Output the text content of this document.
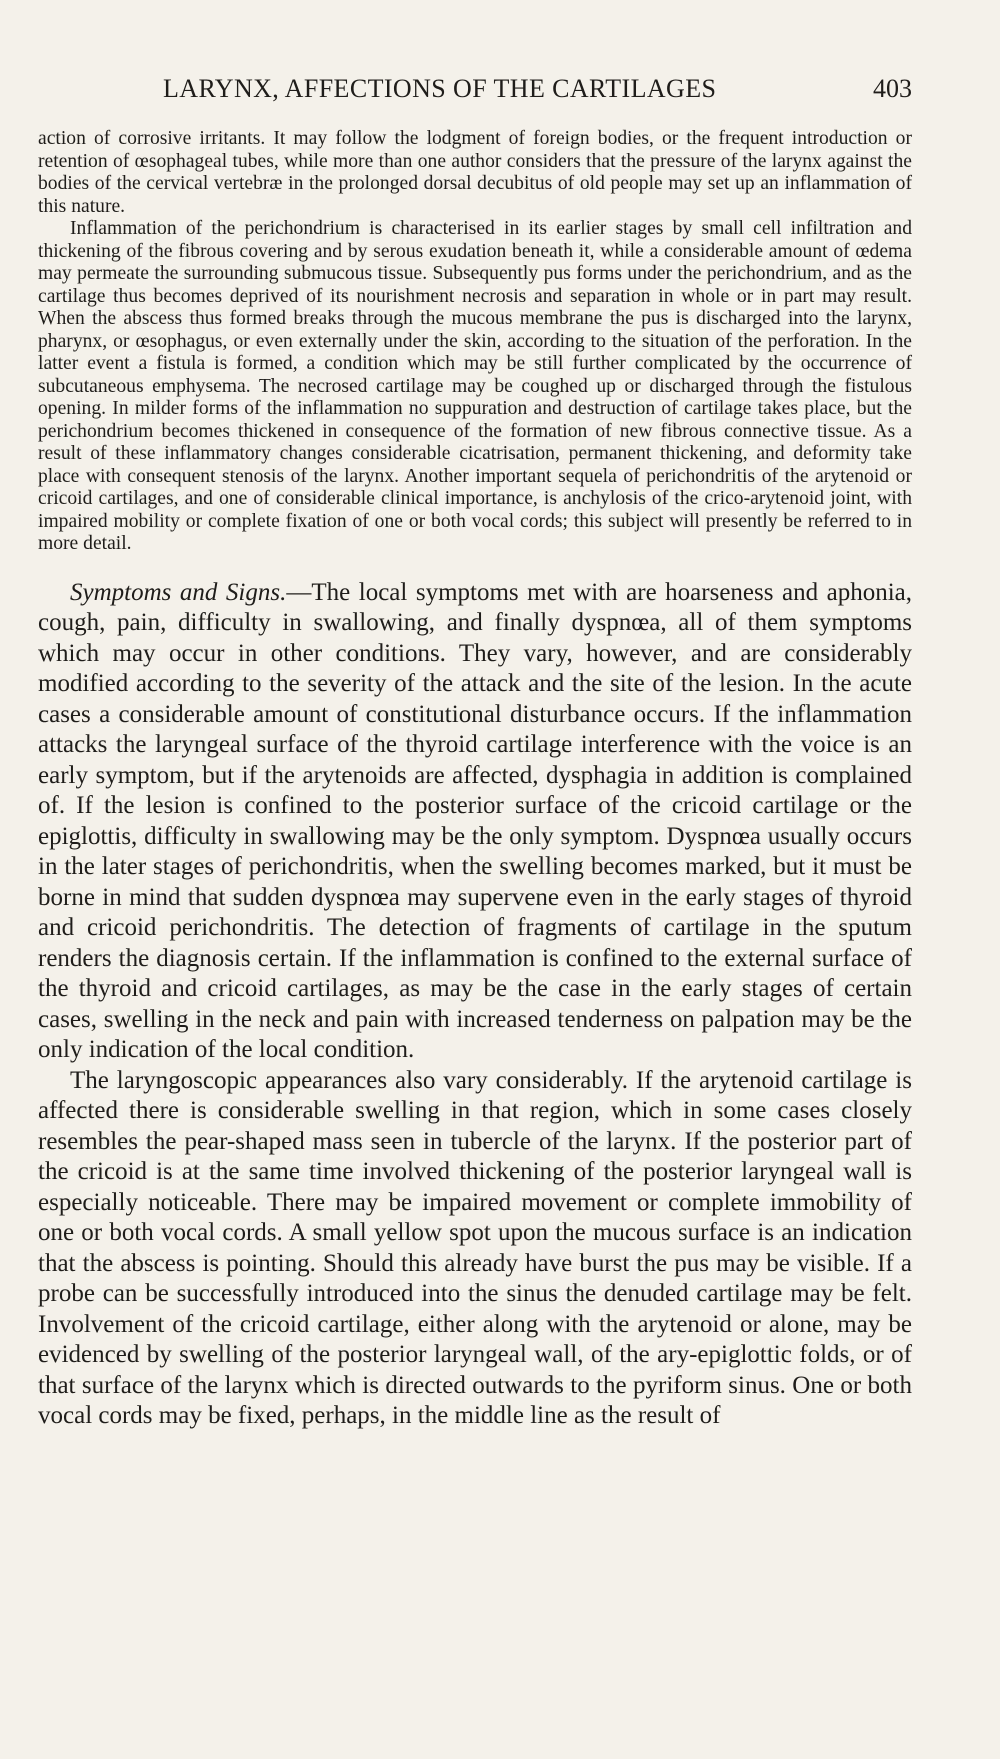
LARYNX, AFFECTIONS OF THE CARTILAGES	403

action of corrosive irritants. It may follow the lodgment of foreign bodies, or the frequent introduction or retention of œsophageal tubes, while more than one author considers that the pressure of the larynx against the bodies of the cervical vertebræ in the prolonged dorsal decubitus of old people may set up an inflammation of this nature.

Inflammation of the perichondrium is characterised in its earlier stages by small cell infiltration and thickening of the fibrous covering and by serous exudation beneath it, while a considerable amount of œdema may permeate the surrounding submucous tissue. Subsequently pus forms under the perichondrium, and as the cartilage thus becomes deprived of its nourishment necrosis and separation in whole or in part may result. When the abscess thus formed breaks through the mucous membrane the pus is discharged into the larynx, pharynx, or œsophagus, or even externally under the skin, according to the situation of the perforation. In the latter event a fistula is formed, a condition which may be still further complicated by the occurrence of subcutaneous emphysema. The necrosed cartilage may be coughed up or discharged through the fistulous opening. In milder forms of the inflammation no suppuration and destruction of cartilage takes place, but the perichondrium becomes thickened in consequence of the formation of new fibrous connective tissue. As a result of these inflammatory changes considerable cicatrisation, permanent thickening, and deformity take place with consequent stenosis of the larynx. Another important sequela of perichondritis of the arytenoid or cricoid cartilages, and one of considerable clinical importance, is anchylosis of the crico-arytenoid joint, with impaired mobility or complete fixation of one or both vocal cords; this subject will presently be referred to in more detail.

Symptoms and Signs.—The local symptoms met with are hoarseness and aphonia, cough, pain, difficulty in swallowing, and finally dyspnœa, all of them symptoms which may occur in other conditions. They vary, however, and are considerably modified according to the severity of the attack and the site of the lesion. In the acute cases a considerable amount of constitutional disturbance occurs. If the inflammation attacks the laryngeal surface of the thyroid cartilage interference with the voice is an early symptom, but if the arytenoids are affected, dysphagia in addition is complained of. If the lesion is confined to the posterior surface of the cricoid cartilage or the epiglottis, difficulty in swallowing may be the only symptom. Dyspnœa usually occurs in the later stages of perichondritis, when the swelling becomes marked, but it must be borne in mind that sudden dyspnœa may supervene even in the early stages of thyroid and cricoid perichondritis. The detection of fragments of cartilage in the sputum renders the diagnosis certain. If the inflammation is confined to the external surface of the thyroid and cricoid cartilages, as may be the case in the early stages of certain cases, swelling in the neck and pain with increased tenderness on palpation may be the only indication of the local condition.

The laryngoscopic appearances also vary considerably. If the arytenoid cartilage is affected there is considerable swelling in that region, which in some cases closely resembles the pear-shaped mass seen in tubercle of the larynx. If the posterior part of the cricoid is at the same time involved thickening of the posterior laryngeal wall is especially noticeable. There may be impaired movement or complete immobility of one or both vocal cords. A small yellow spot upon the mucous surface is an indication that the abscess is pointing. Should this already have burst the pus may be visible. If a probe can be successfully introduced into the sinus the denuded cartilage may be felt. Involvement of the cricoid cartilage, either along with the arytenoid or alone, may be evidenced by swelling of the posterior laryngeal wall, of the ary-epiglottic folds, or of that surface of the larynx which is directed outwards to the pyriform sinus. One or both vocal cords may be fixed, perhaps, in the middle line as the result of
